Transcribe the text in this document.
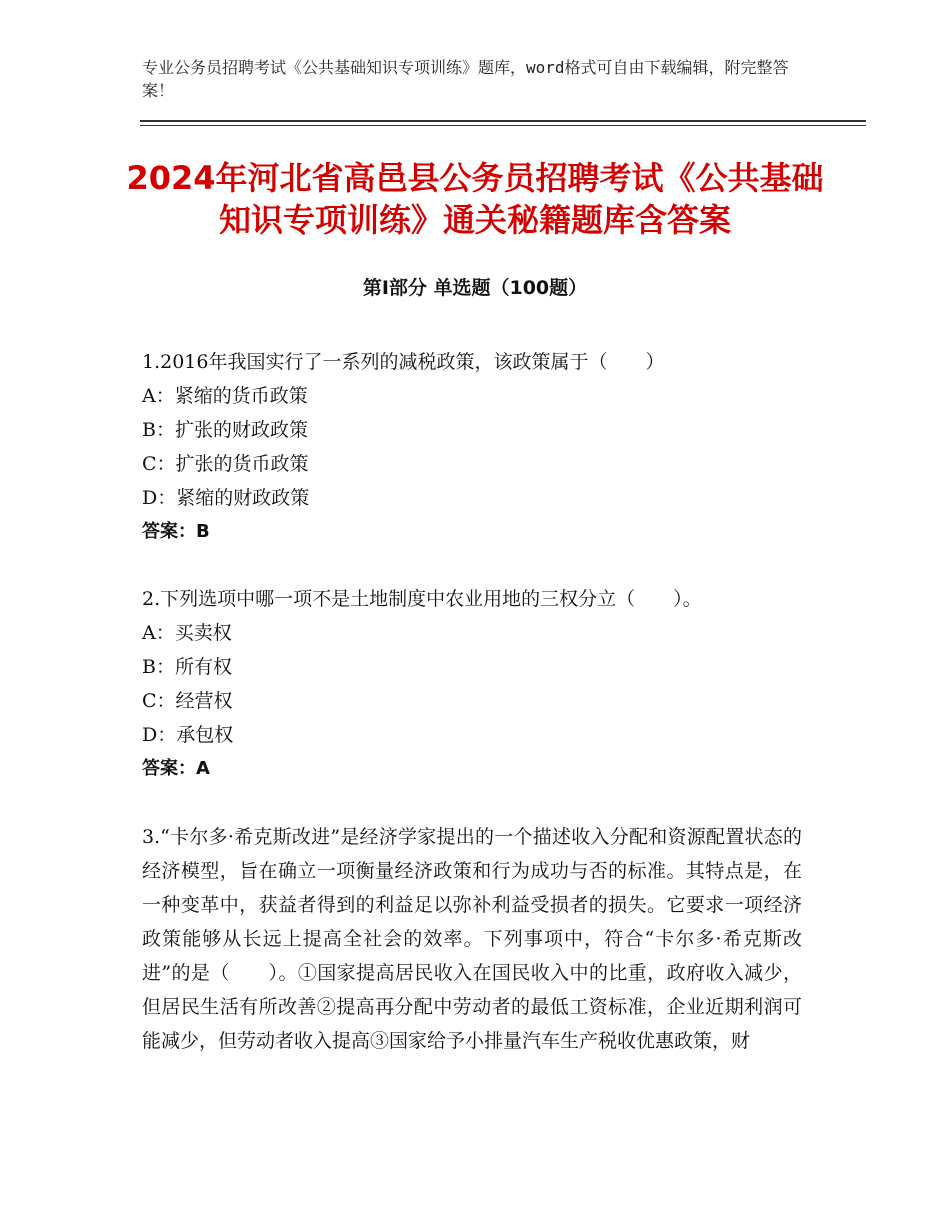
专业公务员招聘考试《公共基础知识专项训练》题库，word格式可自由下载编辑，附完整答案！
2024年河北省高邑县公务员招聘考试《公共基础知识专项训练》通关秘籍题库含答案
第Ⅰ部分 单选题（100题）
1.2016年我国实行了一系列的减税政策，该政策属于（　　）
A：紧缩的货币政策
B：扩张的财政政策
C：扩张的货币政策
D：紧缩的财政政策
答案：B
2.下列选项中哪一项不是土地制度中农业用地的三权分立（　　）。
A：买卖权
B：所有权
C：经营权
D：承包权
答案：A
3.“卡尔多·希克斯改进”是经济学家提出的一个描述收入分配和资源配置状态的经济模型，旨在确立一项衡量经济政策和行为成功与否的标准。其特点是，在一种变革中，获益者得到的利益足以弥补利益受损者的损失。它要求一项经济政策能够从长远上提高全社会的效率。下列事项中，符合“卡尔多·希克斯改进”的是（　　）。①国家提高居民收入在国民收入中的比重，政府收入减少，但居民生活有所改善②提高再分配中劳动者的最低工资标准，企业近期利润可能减少，但劳动者收入提高③国家给予小排量汽车生产税收优惠政策，财
